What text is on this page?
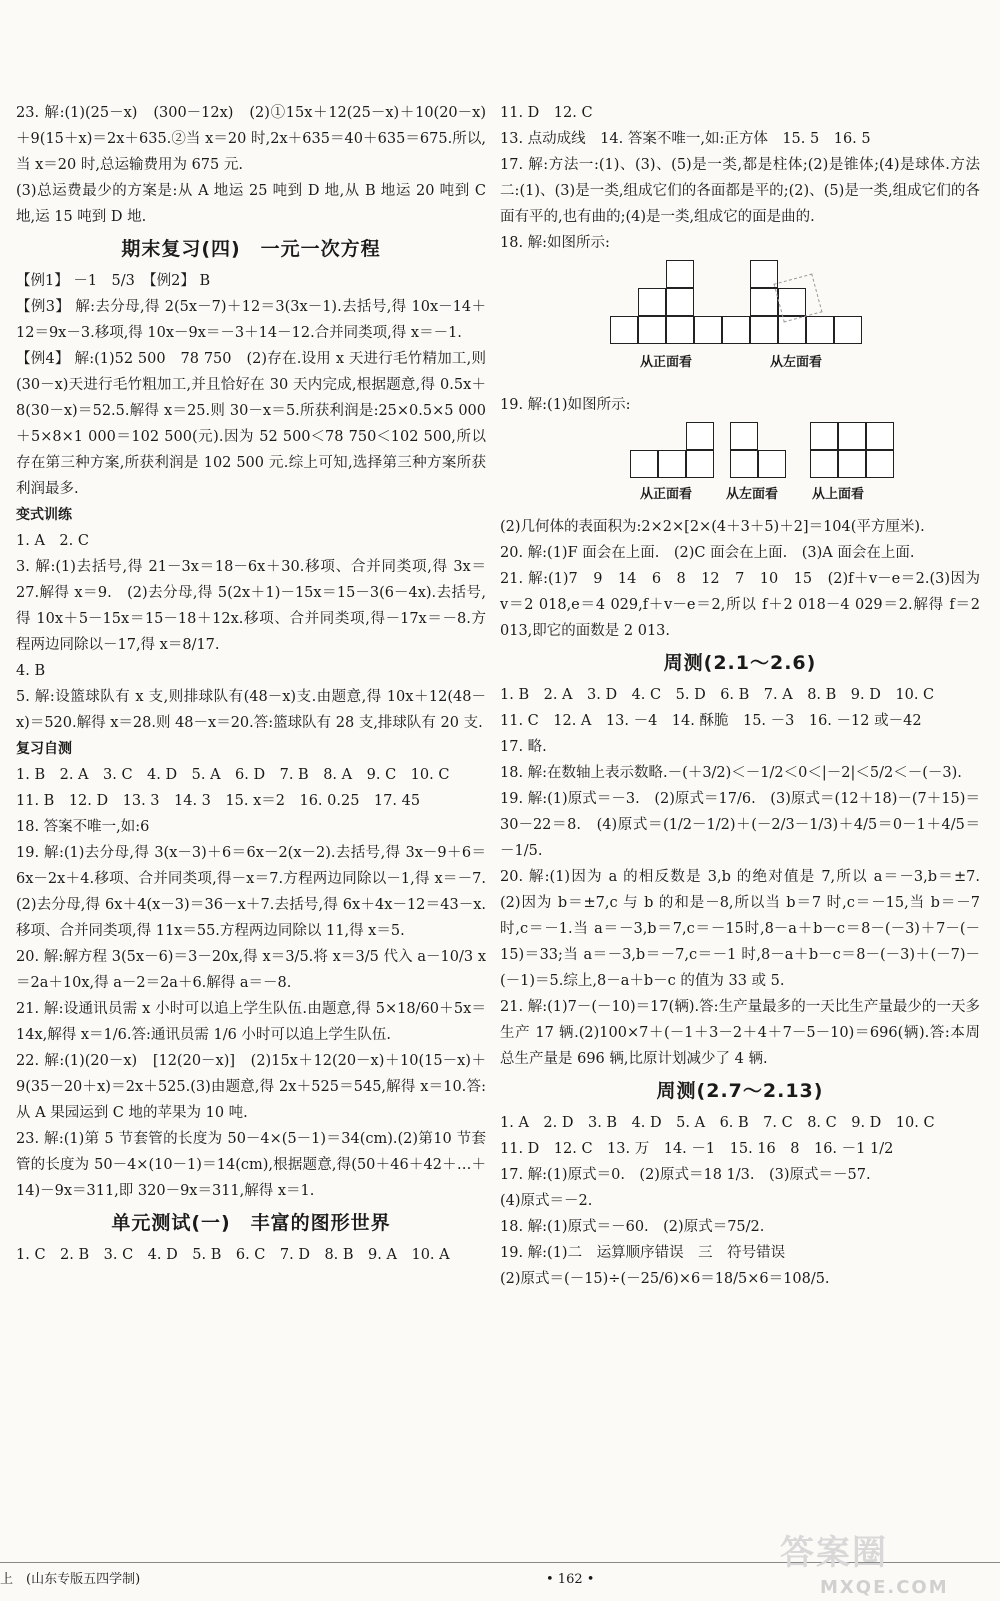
23. 解:(1)(25－x)　(300－12x)　(2)①15x＋12(25－x)＋10(20－x)＋9(15＋x)＝2x＋635.②当 x＝20 时,2x＋635＝40＋635＝675.所以,当 x＝20 时,总运输费用为 675 元.

(3)总运费最少的方案是:从 A 地运 25 吨到 D 地,从 B 地运 20 吨到 C 地,运 15 吨到 D 地.

期末复习(四)　一元一次方程

【例1】 －1　5/3　【例2】 B

【例3】 解:去分母,得 2(5x－7)＋12＝3(3x－1).去括号,得 10x－14＋12＝9x－3.移项,得 10x－9x＝－3＋14－12.合并同类项,得 x＝－1.

【例4】 解:(1)52 500　78 750　(2)存在.设用 x 天进行毛竹精加工,则(30－x)天进行毛竹粗加工,并且恰好在 30 天内完成,根据题意,得 0.5x＋8(30－x)＝52.5.解得 x＝25.则 30－x＝5.所获利润是:25×0.5×5 000＋5×8×1 000＝102 500(元).因为 52 500＜78 750＜102 500,所以存在第三种方案,所获利润是 102 500 元.综上可知,选择第三种方案所获利润最多.

变式训练

1. A　2. C

3. 解:(1)去括号,得 21－3x＝18－6x＋30.移项、合并同类项,得 3x＝27.解得 x＝9.　(2)去分母,得 5(2x＋1)－15x＝15－3(6－4x).去括号,得 10x＋5－15x＝15－18＋12x.移项、合并同类项,得－17x＝－8.方程两边同除以－17,得 x＝8/17.

4. B

5. 解:设篮球队有 x 支,则排球队有(48－x)支.由题意,得 10x＋12(48－x)＝520.解得 x＝28.则 48－x＝20.答:篮球队有 28 支,排球队有 20 支.

复习自测

1. B　2. A　3. C　4. D　5. A　6. D　7. B　8. A　9. C　10. C

11. B　12. D　13. 3　14. 3　15. x＝2　16. 0.25　17. 45

18. 答案不唯一,如:6

19. 解:(1)去分母,得 3(x－3)＋6＝6x－2(x－2).去括号,得 3x－9＋6＝6x－2x＋4.移项、合并同类项,得－x＝7.方程两边同除以－1,得 x＝－7.　(2)去分母,得 6x＋4(x－3)＝36－x＋7.去括号,得 6x＋4x－12＝43－x.移项、合并同类项,得 11x＝55.方程两边同除以 11,得 x＝5.

20. 解:解方程 3(5x－6)＝3－20x,得 x＝3/5.将 x＝3/5 代入 a－10/3 x＝2a＋10x,得 a－2＝2a＋6.解得 a＝－8.

21. 解:设通讯员需 x 小时可以追上学生队伍.由题意,得 5×18/60＋5x＝14x,解得 x＝1/6.答:通讯员需 1/6 小时可以追上学生队伍.

22. 解:(1)(20－x)　[12(20－x)]　(2)15x＋12(20－x)＋10(15－x)＋9(35－20＋x)＝2x＋525.(3)由题意,得 2x＋525＝545,解得 x＝10.答:从 A 果园运到 C 地的苹果为 10 吨.

23. 解:(1)第 5 节套管的长度为 50－4×(5－1)＝34(cm).(2)第10 节套管的长度为 50－4×(10－1)＝14(cm),根据题意,得(50＋46＋42＋…＋14)－9x＝311,即 320－9x＝311,解得 x＝1.

单元测试(一)　丰富的图形世界

1. C　2. B　3. C　4. D　5. B　6. C　7. D　8. B　9. A　10. A

11. D　12. C

13. 点动成线　14. 答案不唯一,如:正方体　15. 5　16. 5

17. 解:方法一:(1)、(3)、(5)是一类,都是柱体;(2)是锥体;(4)是球体.方法二:(1)、(3)是一类,组成它们的各面都是平的;(2)、(5)是一类,组成它们的各面有平的,也有曲的;(4)是一类,组成它的面是曲的.

18. 解:如图所示:

从正面看	从左面看

19. 解:(1)如图所示:

从正面看	从左面看	从上面看

(2)几何体的表面积为:2×2×[2×(4＋3＋5)＋2]＝104(平方厘米).

20. 解:(1)F 面会在上面.　(2)C 面会在上面.　(3)A 面会在上面.

21. 解:(1)7　9　14　6　8　12　7　10　15　(2)f＋v－e＝2.(3)因为 v＝2 018,e＝4 029,f＋v－e＝2,所以 f＋2 018－4 029＝2.解得 f＝2 013,即它的面数是 2 013.

周测(2.1～2.6)

1. B　2. A　3. D　4. C　5. D　6. B　7. A　8. B　9. D　10. C

11. C　12. A　13. －4　14. 酥脆　15. －3　16. －12 或－42

17. 略.

18. 解:在数轴上表示数略.－(＋3/2)＜－1/2＜0＜|－2|＜5/2＜－(－3).

19. 解:(1)原式＝－3.　(2)原式＝17/6.　(3)原式＝(12＋18)－(7＋15)＝30－22＝8.　(4)原式＝(1/2－1/2)＋(－2/3－1/3)＋4/5＝0－1＋4/5＝－1/5.

20. 解:(1)因为 a 的相反数是 3,b 的绝对值是 7,所以 a＝－3,b＝±7.　(2)因为 b＝±7,c 与 b 的和是－8,所以当 b＝7 时,c＝－15,当 b＝－7 时,c＝－1.当 a＝－3,b＝7,c＝－15时,8－a＋b－c＝8－(－3)＋7－(－15)＝33;当 a＝－3,b＝－7,c＝－1 时,8－a＋b－c＝8－(－3)＋(－7)－(－1)＝5.综上,8－a＋b－c 的值为 33 或 5.

21. 解:(1)7－(－10)＝17(辆).答:生产量最多的一天比生产量最少的一天多生产 17 辆.(2)100×7＋(－1＋3－2＋4＋7－5－10)＝696(辆).答:本周总生产量是 696 辆,比原计划减少了 4 辆.

周测(2.7～2.13)

1. A　2. D　3. B　4. D　5. A　6. B　7. C　8. C　9. D　10. C

11. D　12. C　13. 万　14. －1　15. 16　8　16. －1 1/2

17. 解:(1)原式＝0.　(2)原式＝18 1/3.　(3)原式＝－57.

(4)原式＝－2.

18. 解:(1)原式＝－60.　(2)原式＝75/2.

19. 解:(1)二　运算顺序错误　三　符号错误

(2)原式＝(－15)÷(－25/6)×6＝18/5×6＝108/5.

上　(山东专版五四学制)	• 162 •
答案圈
MXQE.COM
